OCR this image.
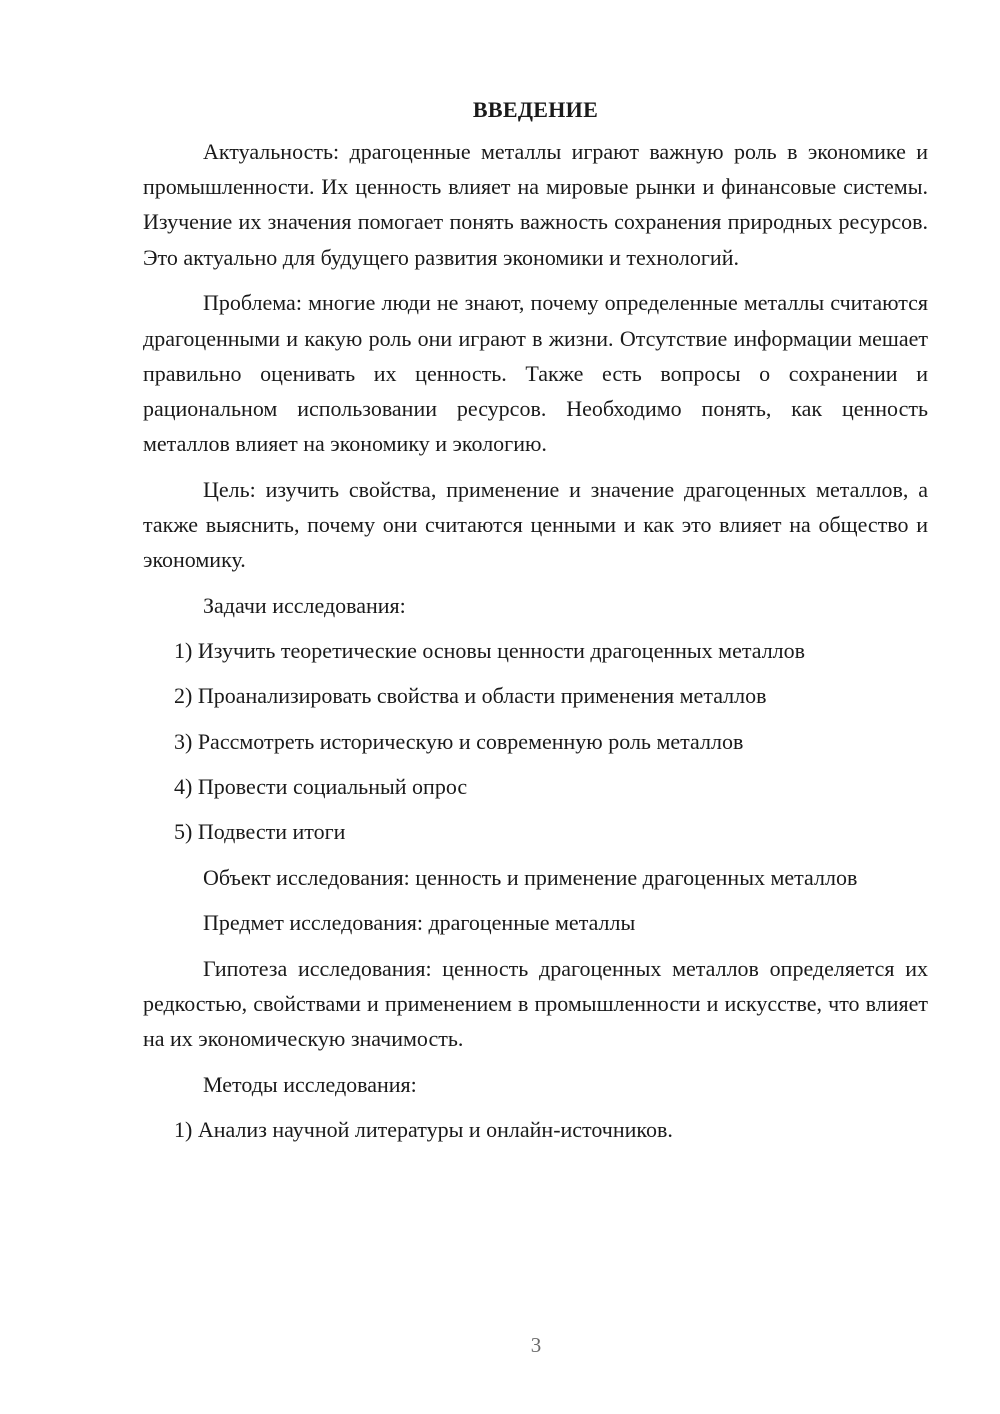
ВВЕДЕНИЕ

Актуальность: драгоценные металлы играют важную роль в экономике и промышленности. Их ценность влияет на мировые рынки и финансовые системы. Изучение их значения помогает понять важность сохранения природных ресурсов. Это актуально для будущего развития экономики и технологий.

Проблема: многие люди не знают, почему определенные металлы считаются драгоценными и какую роль они играют в жизни. Отсутствие информации мешает правильно оценивать их ценность. Также есть вопросы о сохранении и рациональном использовании ресурсов. Необходимо понять, как ценность металлов влияет на экономику и экологию.

Цель: изучить свойства, применение и значение драгоценных металлов, а также выяснить, почему они считаются ценными и как это влияет на общество и экономику.

Задачи исследования:

1) Изучить теоретические основы ценности драгоценных металлов

2) Проанализировать свойства и области применения металлов

3) Рассмотреть историческую и современную роль металлов

4) Провести социальный опрос

5) Подвести итоги

Объект исследования: ценность и применение драгоценных металлов

Предмет исследования: драгоценные металлы

Гипотеза исследования: ценность драгоценных металлов определяется их редкостью, свойствами и применением в промышленности и искусстве, что влияет на их экономическую значимость.

Методы исследования:

1) Анализ научной литературы и онлайн-источников.

3
